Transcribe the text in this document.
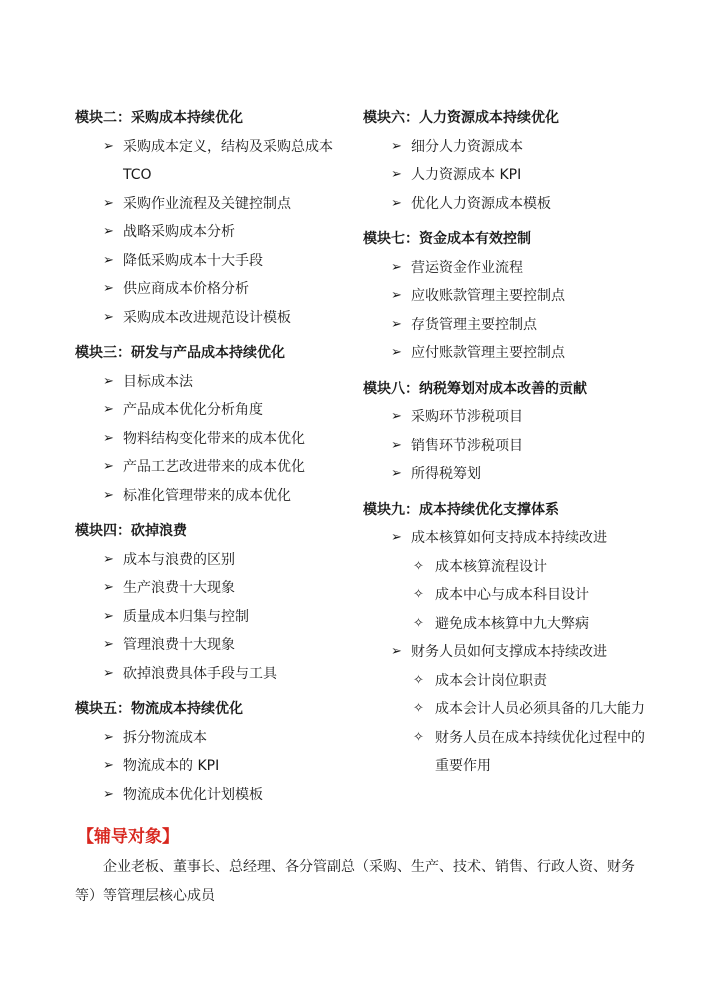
模块二：采购成本持续优化
➢ 采购成本定义，结构及采购总成本TCO
➢ 采购作业流程及关键控制点
➢ 战略采购成本分析
➢ 降低采购成本十大手段
➢ 供应商成本价格分析
➢ 采购成本改进规范设计模板
模块三：研发与产品成本持续优化
➢ 目标成本法
➢ 产品成本优化分析角度
➢ 物料结构变化带来的成本优化
➢ 产品工艺改进带来的成本优化
➢ 标准化管理带来的成本优化
模块四：砍掉浪费
➢ 成本与浪费的区别
➢ 生产浪费十大现象
➢ 质量成本归集与控制
➢ 管理浪费十大现象
➢ 砍掉浪费具体手段与工具
模块五：物流成本持续优化
➢ 拆分物流成本
➢ 物流成本的 KPI
➢ 物流成本优化计划模板
模块六：人力资源成本持续优化
➢ 细分人力资源成本
➢ 人力资源成本 KPI
➢ 优化人力资源成本模板
模块七：资金成本有效控制
➢ 营运资金作业流程
➢ 应收账款管理主要控制点
➢ 存货管理主要控制点
➢ 应付账款管理主要控制点
模块八：纳税筹划对成本改善的贡献
➢ 采购环节涉税项目
➢ 销售环节涉税项目
➢ 所得税筹划
模块九：成本持续优化支撑体系
➢ 成本核算如何支持成本持续改进
✧ 成本核算流程设计
✧ 成本中心与成本科目设计
✧ 避免成本核算中九大弊病
➢ 财务人员如何支撑成本持续改进
✧ 成本会计岗位职责
✧ 成本会计人员必须具备的几大能力
✧ 财务人员在成本持续优化过程中的重要作用
【辅导对象】
企业老板、董事长、总经理、各分管副总（采购、生产、技术、销售、行政人资、财务等）等管理层核心成员
